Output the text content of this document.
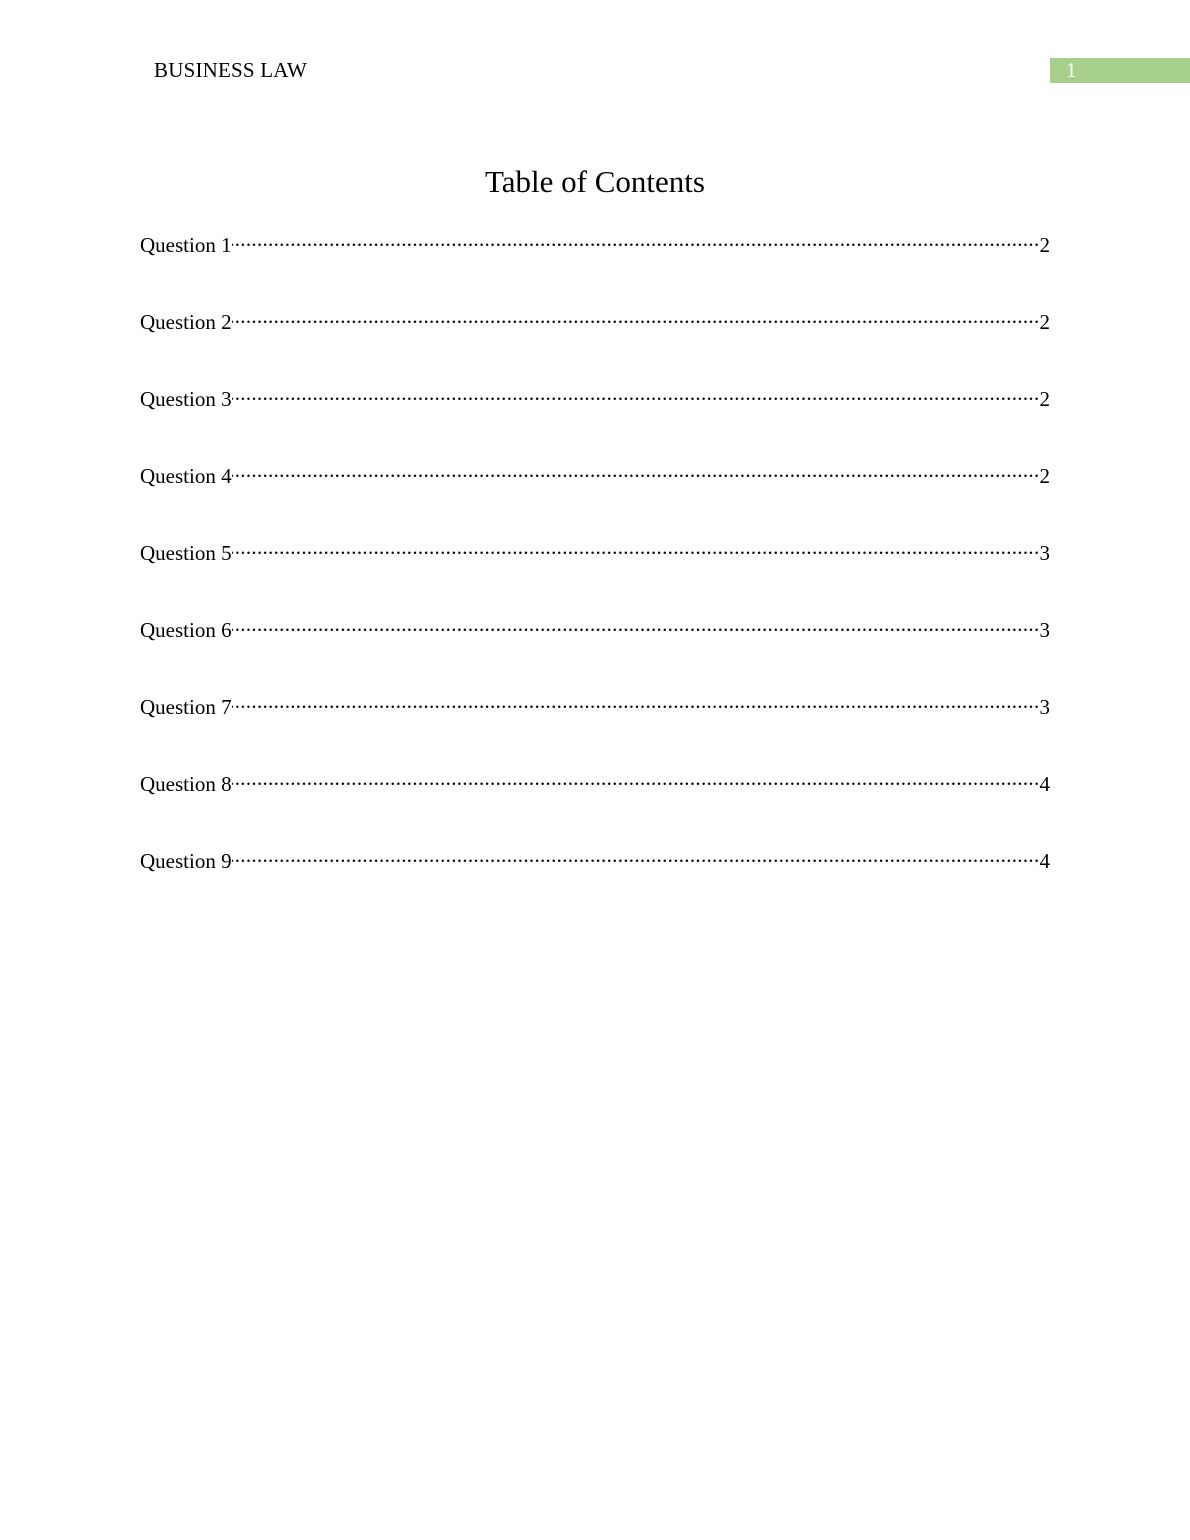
BUSINESS LAW	1
Table of Contents
Question 1 .....	2
Question 2 .....	2
Question 3 .....	2
Question 4 .....	2
Question 5 .....	3
Question 6 .....	3
Question 7 .....	3
Question 8 .....	4
Question 9 .....	4
